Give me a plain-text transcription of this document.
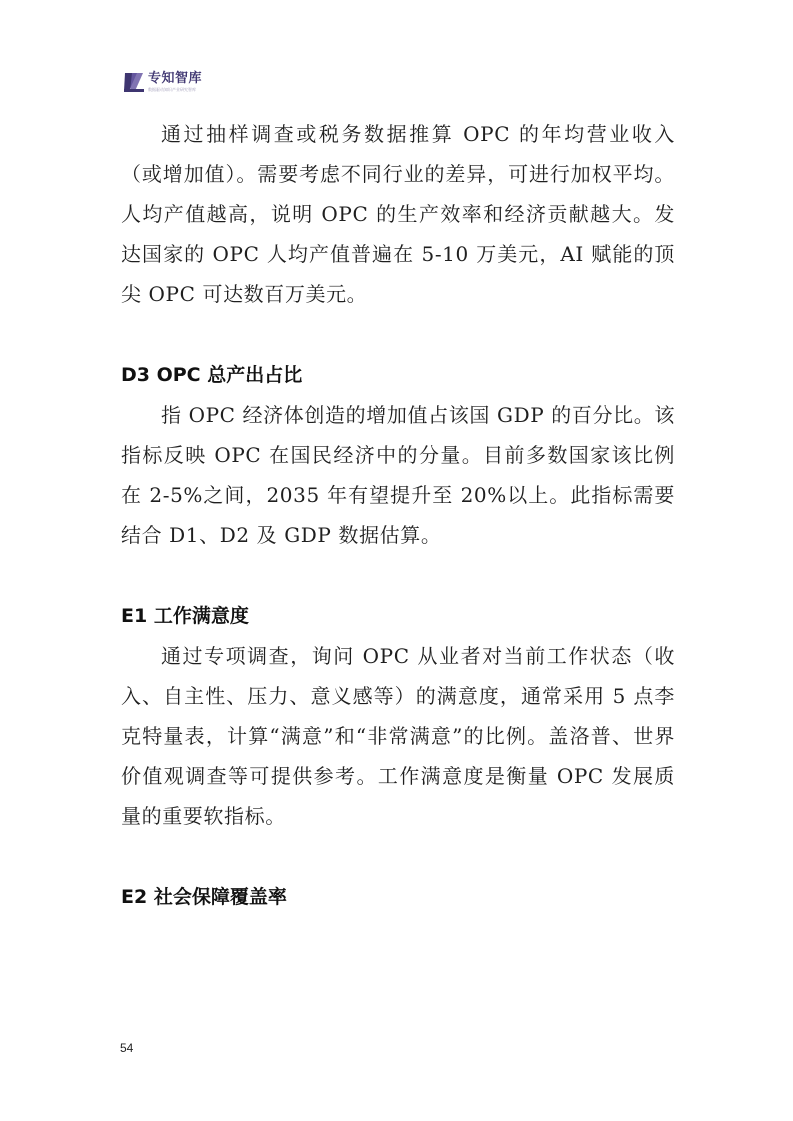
专知智库
数据驱动知识产业研究智库

通过抽样调查或税务数据推算 OPC 的年均营业收入（或增加值）。需要考虑不同行业的差异，可进行加权平均。人均产值越高，说明 OPC 的生产效率和经济贡献越大。发达国家的 OPC 人均产值普遍在 5-10 万美元，AI 赋能的顶尖 OPC 可达数百万美元。

D3 OPC 总产出占比

指 OPC 经济体创造的增加值占该国 GDP 的百分比。该指标反映 OPC 在国民经济中的分量。目前多数国家该比例在 2-5%之间，2035 年有望提升至 20%以上。此指标需要结合 D1、D2 及 GDP 数据估算。

E1 工作满意度

通过专项调查，询问 OPC 从业者对当前工作状态（收入、自主性、压力、意义感等）的满意度，通常采用 5 点李克特量表，计算“满意”和“非常满意”的比例。盖洛普、世界价值观调查等可提供参考。工作满意度是衡量 OPC 发展质量的重要软指标。

E2 社会保障覆盖率
54
